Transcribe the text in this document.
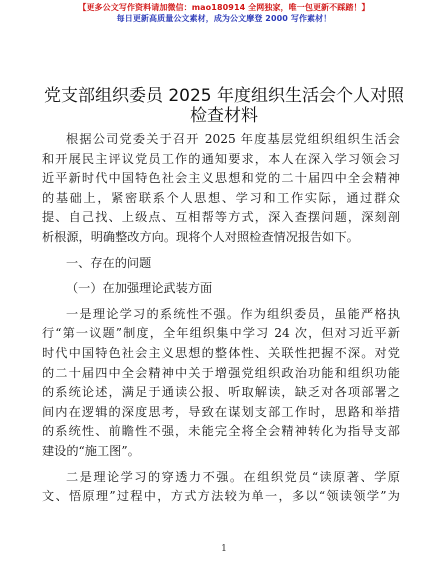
【更多公文写作资料请加微信：mao180914 全网独家，唯一包更新不踩踏！】
每日更新高质量公文素材，成为公文摩登 2000 写作素材！
党支部组织委员 2025 年度组织生活会个人对照
检查材料

根据公司党委关于召开 2025 年度基层党组织组织生活会
和开展民主评议党员工作的通知要求，本人在深入学习领会习
近平新时代中国特色社会主义思想和党的二十届四中全会精神
的基础上，紧密联系个人思想、学习和工作实际，通过群众
提、自己找、上级点、互相帮等方式，深入查摆问题，深刻剖
析根源，明确整改方向。现将个人对照检查情况报告如下。

一、存在的问题

（一）在加强理论武装方面

一是理论学习的系统性不强。作为组织委员，虽能严格执
行“第一议题”制度，全年组织集中学习 24 次，但对习近平新
时代中国特色社会主义思想的整体性、关联性把握不深。对党
的二十届四中全会精神中关于增强党组织政治功能和组织功能
的系统论述，满足于通读公报、听取解读，缺乏对各项部署之
间内在逻辑的深度思考，导致在谋划支部工作时，思路和举措
的系统性、前瞻性不强，未能完全将全会精神转化为指导支部
建设的“施工图”。

二是理论学习的穿透力不强。在组织党员“读原著、学原
文、悟原理”过程中，方式方法较为单一，多以“领读领学”为

1
